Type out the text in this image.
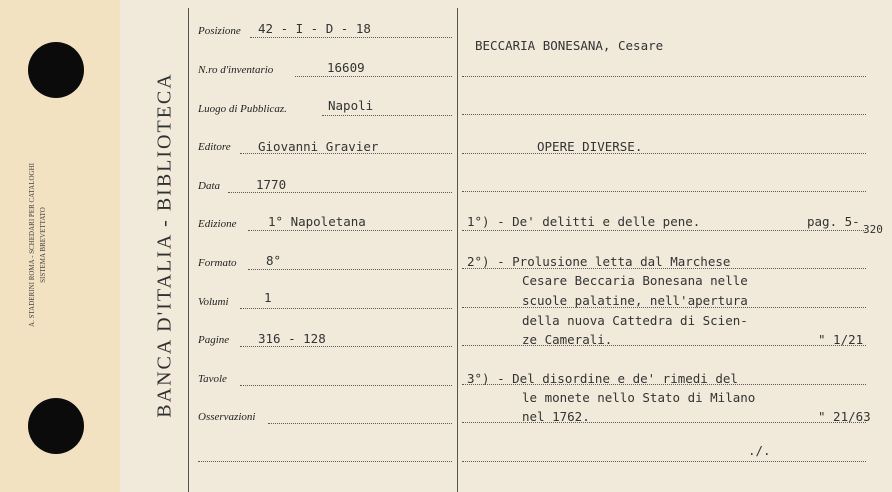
A. STADERINI ROMA - SCHEDARI PER CATALOGHI SISTEMA BREVETTATO	BANCA D'ITALIA - BIBLIOTECA
Posizione 42 - I - D - 18
N.ro d'inventario	16609
Luogo di Pubblicaz.	Napoli
Editore Giovanni Gravier
Data	1770
Edizione	1° Napoletana
Formato 8°
Volumi	1
Pagine 316 - 128
Tavole
Osservazioni
BECCARIA BONESANA, Cesare
OPERE DIVERSE.
1°) - De' delitti e delle pene.	pag. 5-
320
2°) - Prolusione letta dal Marchese
Cesare Beccaria Bonesana nelle
scuole palatine, nell'apertura
della nuova Cattedra di Scien-
ze Camerali.	" 1/21
3°) - Del disordine e de' rimedi del
le monete nello Stato di Milano
nel 1762.	" 21/63
./.
